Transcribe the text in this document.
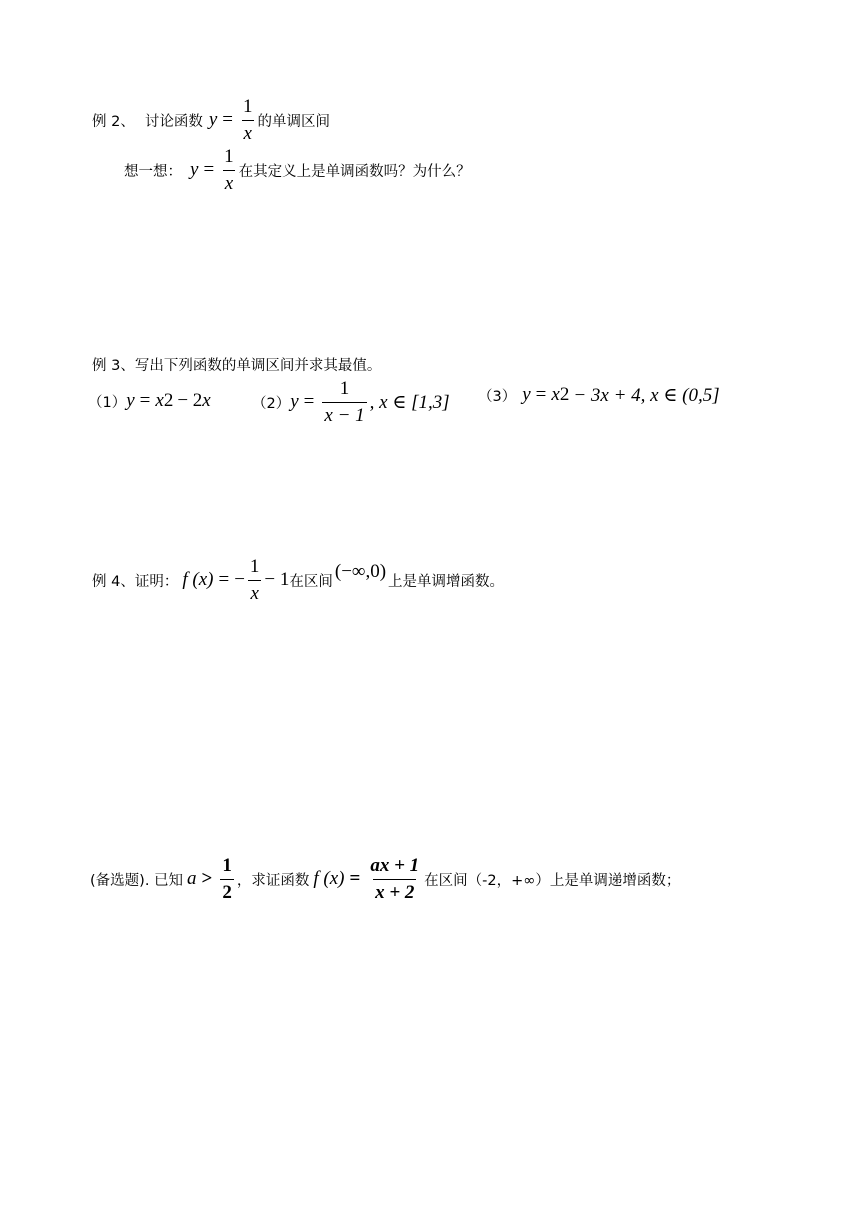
例 2、 讨论函数 $y = \frac{1}{x}$ 的单调区间
想一想： $y = \frac{1}{x}$ 在其定义上是单调函数吗？为什么？
例 3、写出下列函数的单调区间并求其最值。
（1） y = x 2 − 2 x	（2） $y = \frac{1}{x - 1}$ , x ∈ [1,3] （3） y = x 2 − 3x + 4, x ∈ (0,5]
例 4、证明： f (x) = − $\frac{1}{x} - 1$ 在区间 (−∞,0) 上是单调增函数。
(备选题). 已知 $a > \frac{1}{2}$ ，求证函数 f $(x) = \frac{ax + 1}{x + 2}$ 在区间（-2，+∞）上是单调递增函数；
